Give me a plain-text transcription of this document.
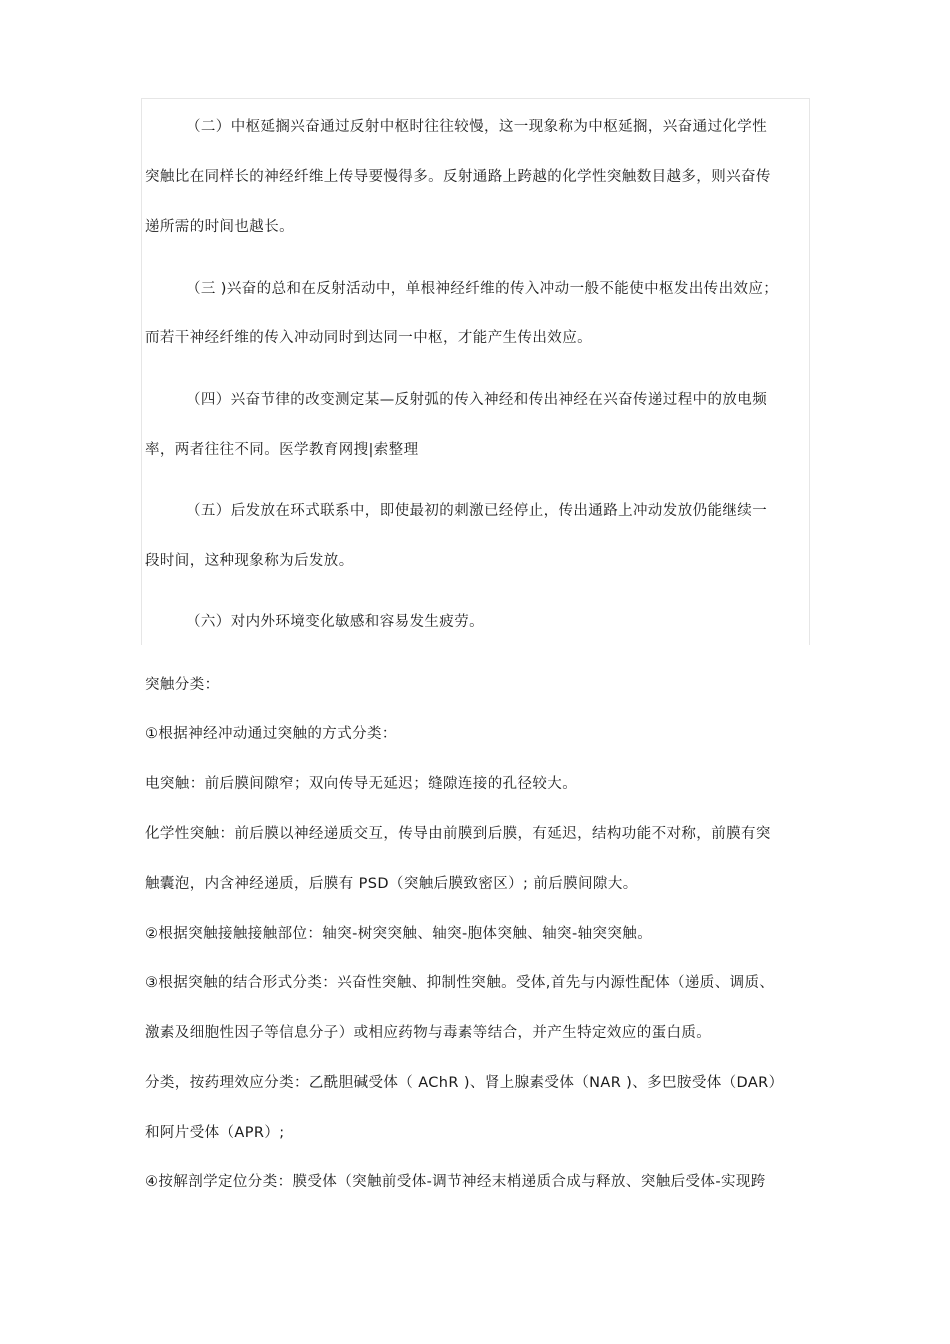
（二）中枢延搁兴奋通过反射中枢时往往较慢，这一现象称为中枢延搁，兴奋通过化学性
突触比在同样长的神经纤维上传导要慢得多。反射通路上跨越的化学性突触数目越多，则兴奋传
递所需的时间也越长。
（三 )兴奋的总和在反射活动中，单根神经纤维的传入冲动一般不能使中枢发出传出效应；
而若干神经纤维的传入冲动同时到达同一中枢，才能产生传出效应。
（四）兴奋节律的改变测定某—反射弧的传入神经和传出神经在兴奋传递过程中的放电频
率，两者往往不同。医学教育网搜|索整理
（五）后发放在环式联系中，即使最初的刺激已经停止，传出通路上冲动发放仍能继续一
段时间，这种现象称为后发放。
（六）对内外环境变化敏感和容易发生疲劳。
突触分类：
①根据神经冲动通过突触的方式分类：
电突触：前后膜间隙窄；双向传导无延迟；缝隙连接的孔径较大。
化学性突触：前后膜以神经递质交互，传导由前膜到后膜，有延迟，结构功能不对称，前膜有突
触囊泡，内含神经递质，后膜有 PSD（突触后膜致密区）; 前后膜间隙大。
②根据突触接触接触部位：轴突-树突突触、轴突-胞体突触、轴突-轴突突触。
③根据突触的结合形式分类：兴奋性突触、抑制性突触。受体,首先与内源性配体（递质、调质、
激素及细胞性因子等信息分子）或相应药物与毒素等结合，并产生特定效应的蛋白质。
分类，按药理效应分类：乙酰胆碱受体（ AChR )、肾上腺素受体（NAR )、多巴胺受体（DAR）
和阿片受体（APR）;
④按解剖学定位分类：膜受体（突触前受体-调节神经末梢递质合成与释放、突触后受体-实现跨
